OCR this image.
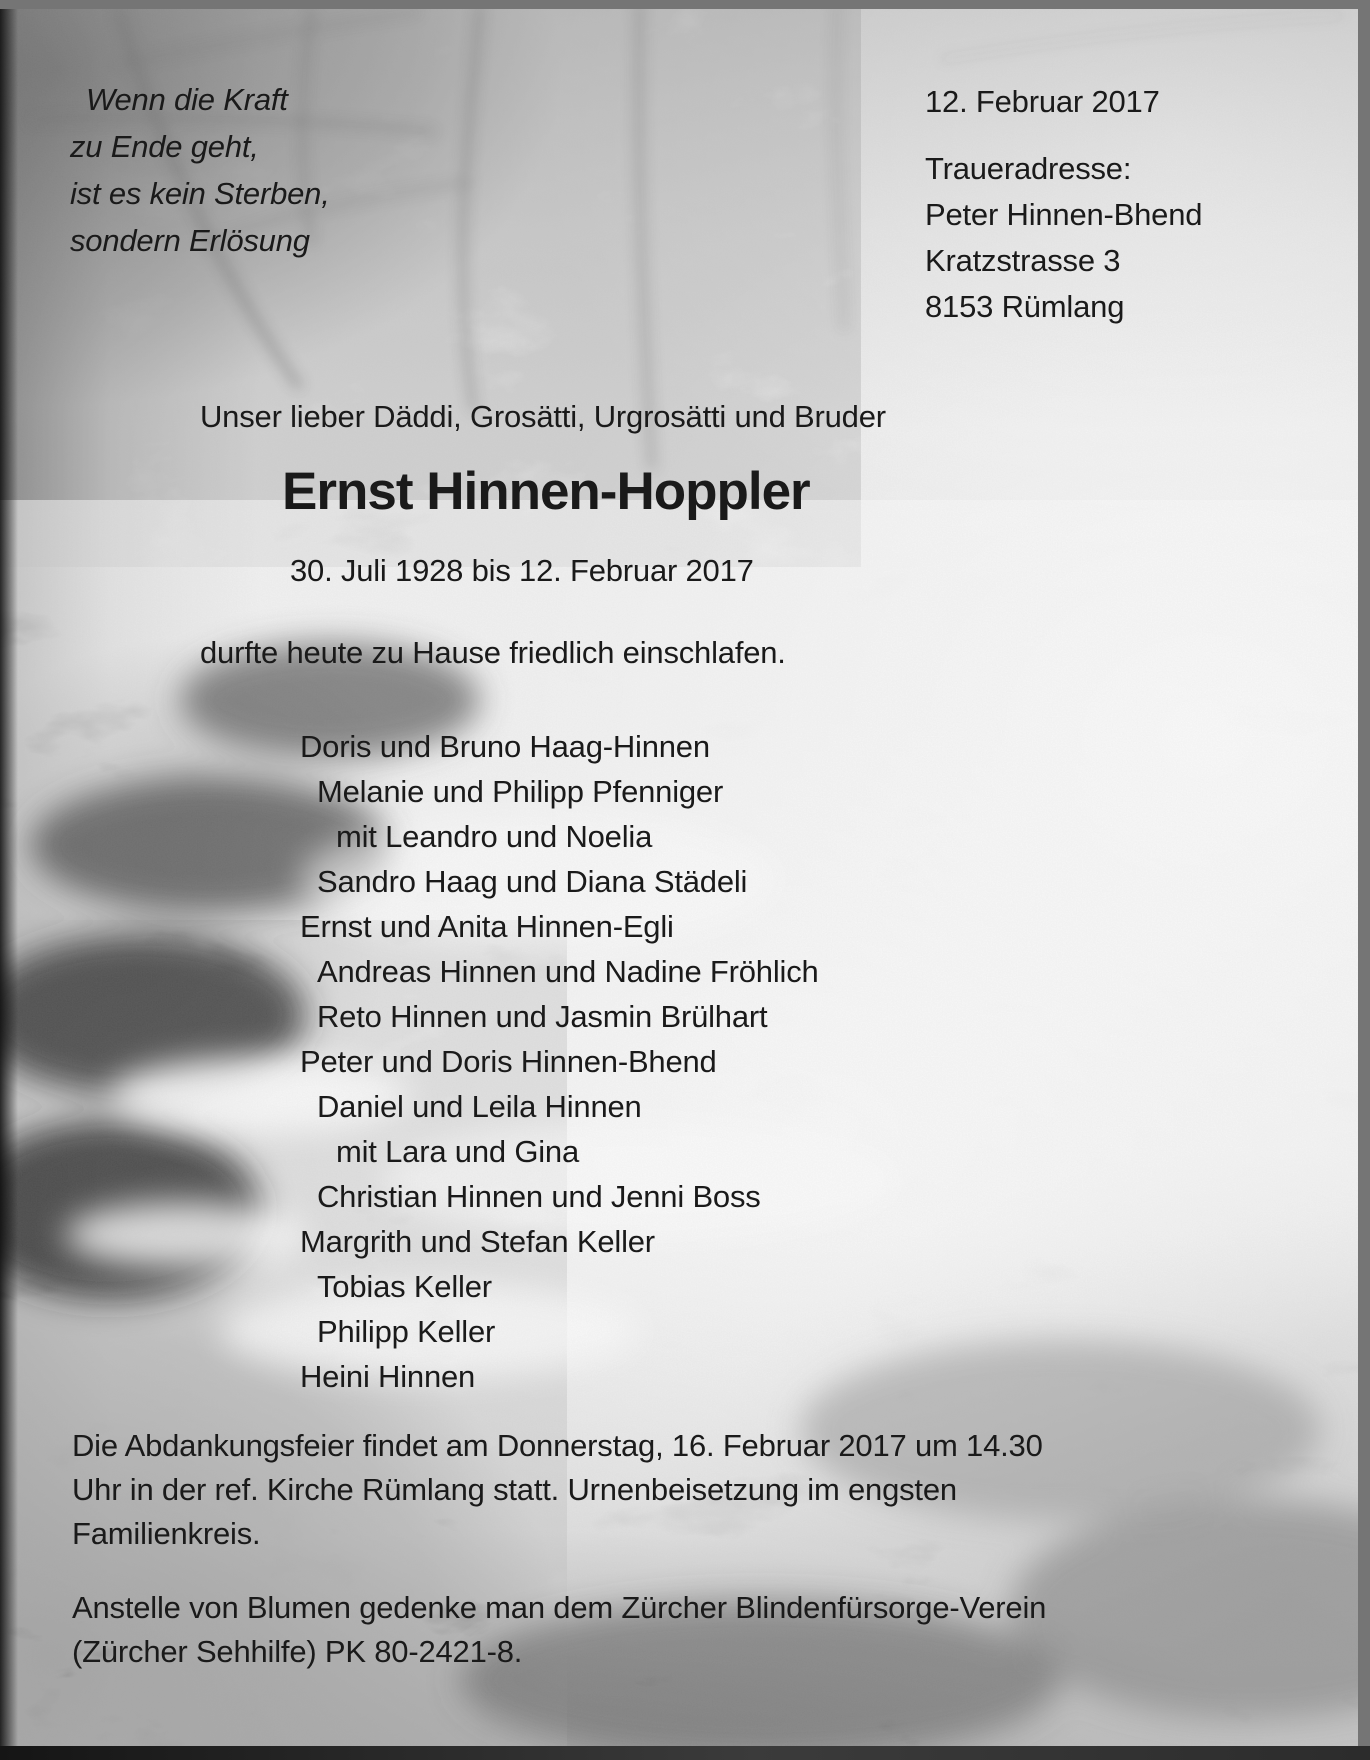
Wenn die Kraft
zu Ende geht,
ist es kein Sterben,
sondern Erlösung
12. Februar 2017
Traueradresse:
Peter Hinnen-Bhend
Kratzstrasse 3
8153 Rümlang
Unser lieber Däddi, Grosätti, Urgrosätti und Bruder
Ernst Hinnen-Hoppler
30. Juli 1928 bis 12. Februar 2017
durfte heute zu Hause friedlich einschlafen.
Doris und Bruno Haag-Hinnen
Melanie und Philipp Pfenniger
mit Leandro und Noelia
Sandro Haag und Diana Städeli
Ernst und Anita Hinnen-Egli
Andreas Hinnen und Nadine Fröhlich
Reto Hinnen und Jasmin Brülhart
Peter und Doris Hinnen-Bhend
Daniel und Leila Hinnen
mit Lara und Gina
Christian Hinnen und Jenni Boss
Margrith und Stefan Keller
Tobias Keller
Philipp Keller
Heini Hinnen
Die Abdankungsfeier findet am Donnerstag, 16. Februar 2017 um 14.30
Uhr in der ref. Kirche Rümlang statt. Urnenbeisetzung im engsten
Familienkreis.
Anstelle von Blumen gedenke man dem Zürcher Blindenfürsorge-Verein
(Zürcher Sehhilfe) PK 80-2421-8.
